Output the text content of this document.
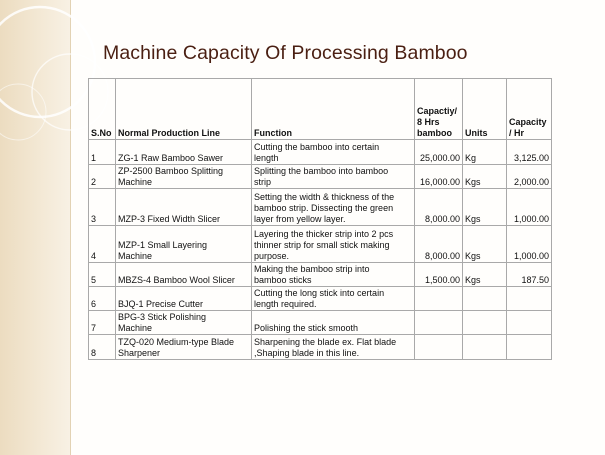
Machine Capacity Of Processing Bamboo
S.No	Normal Production Line	Function	Capactiy/
8 Hrs
bamboo	Units	Capacity
/ Hr

1	ZG-1 Raw Bamboo Sawer	Cutting the bamboo into certain
length	25,000.00	Kg	3,125.00
2	ZP-2500 Bamboo Splitting
Machine	Splitting the bamboo into bamboo
strip	16,000.00	Kgs	2,000.00
3	MZP-3 Fixed Width Slicer	Setting the width & thickness of the
bamboo strip. Dissecting the green
layer from yellow layer.	8,000.00	Kgs	1,000.00
4	MZP-1 Small Layering
Machine	Layering the thicker strip into 2 pcs
thinner strip for small stick making
purpose.	8,000.00	Kgs	1,000.00
5	MBZS-4 Bamboo Wool Slicer	Making the bamboo strip into
bamboo sticks	1,500.00	Kgs	187.50
6	BJQ-1 Precise Cutter	Cutting the long stick into certain
length required.			

7	BPG-3 Stick Polishing
Machine	Polishing the stick smooth			

8	TZQ-020 Medium-type Blade
Sharpener	Sharpening the blade ex. Flat blade
,Shaping blade in this line.			
